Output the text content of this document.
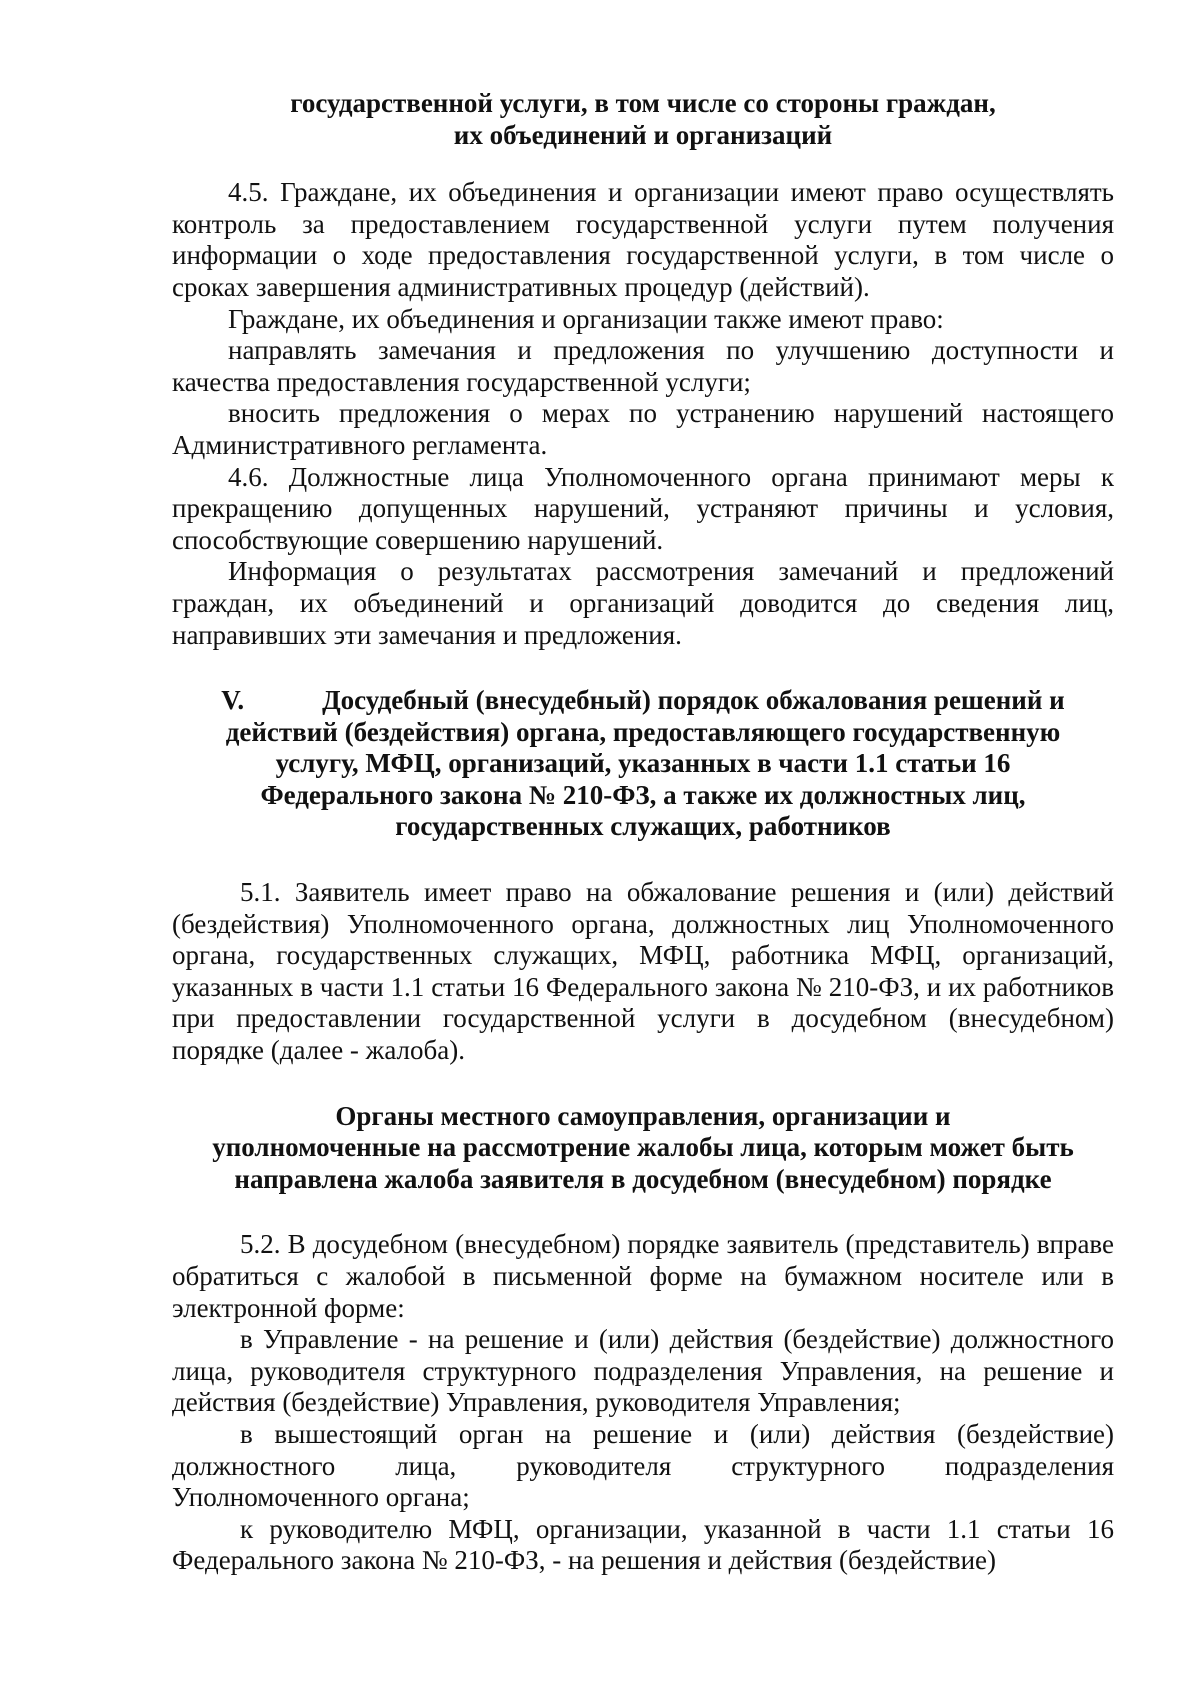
государственной услуги, в том числе со стороны граждан,
их объединений и организаций

4.5. Граждане, их объединения и организации имеют право осуществлять контроль за предоставлением государственной услуги путем получения информации о ходе предоставления государственной услуги, в том числе о сроках завершения административных процедур (действий).

Граждане, их объединения и организации также имеют право:

направлять замечания и предложения по улучшению доступности и качества предоставления государственной услуги;

вносить предложения о мерах по устранению нарушений настоящего Административного регламента.

4.6. Должностные лица Уполномоченного органа принимают меры к прекращению допущенных нарушений, устраняют причины и условия, способствующие совершению нарушений.

Информация о результатах рассмотрения замечаний и предложений граждан, их объединений и организаций доводится до сведения лиц, направивших эти замечания и предложения.

V.	Досудебный (внесудебный) порядок обжалования решений и
действий (бездействия) органа, предоставляющего государственную
услугу, МФЦ, организаций, указанных в части 1.1 статьи 16
Федерального закона № 210-ФЗ, а также их должностных лиц,
государственных служащих, работников

5.1. Заявитель имеет право на обжалование решения и (или) действий (бездействия) Уполномоченного органа, должностных лиц Уполномоченного органа, государственных служащих, МФЦ, работника МФЦ, организаций, указанных в части 1.1 статьи 16 Федерального закона № 210-ФЗ, и их работников при предоставлении государственной услуги в досудебном (внесудебном) порядке (далее - жалоба).

Органы местного самоуправления, организации и
уполномоченные на рассмотрение жалобы лица, которым может быть
направлена жалоба заявителя в досудебном (внесудебном) порядке

5.2. В досудебном (внесудебном) порядке заявитель (представитель) вправе обратиться с жалобой в письменной форме на бумажном носителе или в электронной форме:

в Управление - на решение и (или) действия (бездействие) должностного лица, руководителя структурного подразделения Управления, на решение и действия (бездействие) Управления, руководителя Управления;

в вышестоящий орган на решение и (или) действия (бездействие) должностного лица, руководителя структурного подразделения Уполномоченного органа;

к руководителю МФЦ, организации, указанной в части 1.1 статьи 16 Федерального закона № 210-ФЗ, - на решения и действия (бездействие)
